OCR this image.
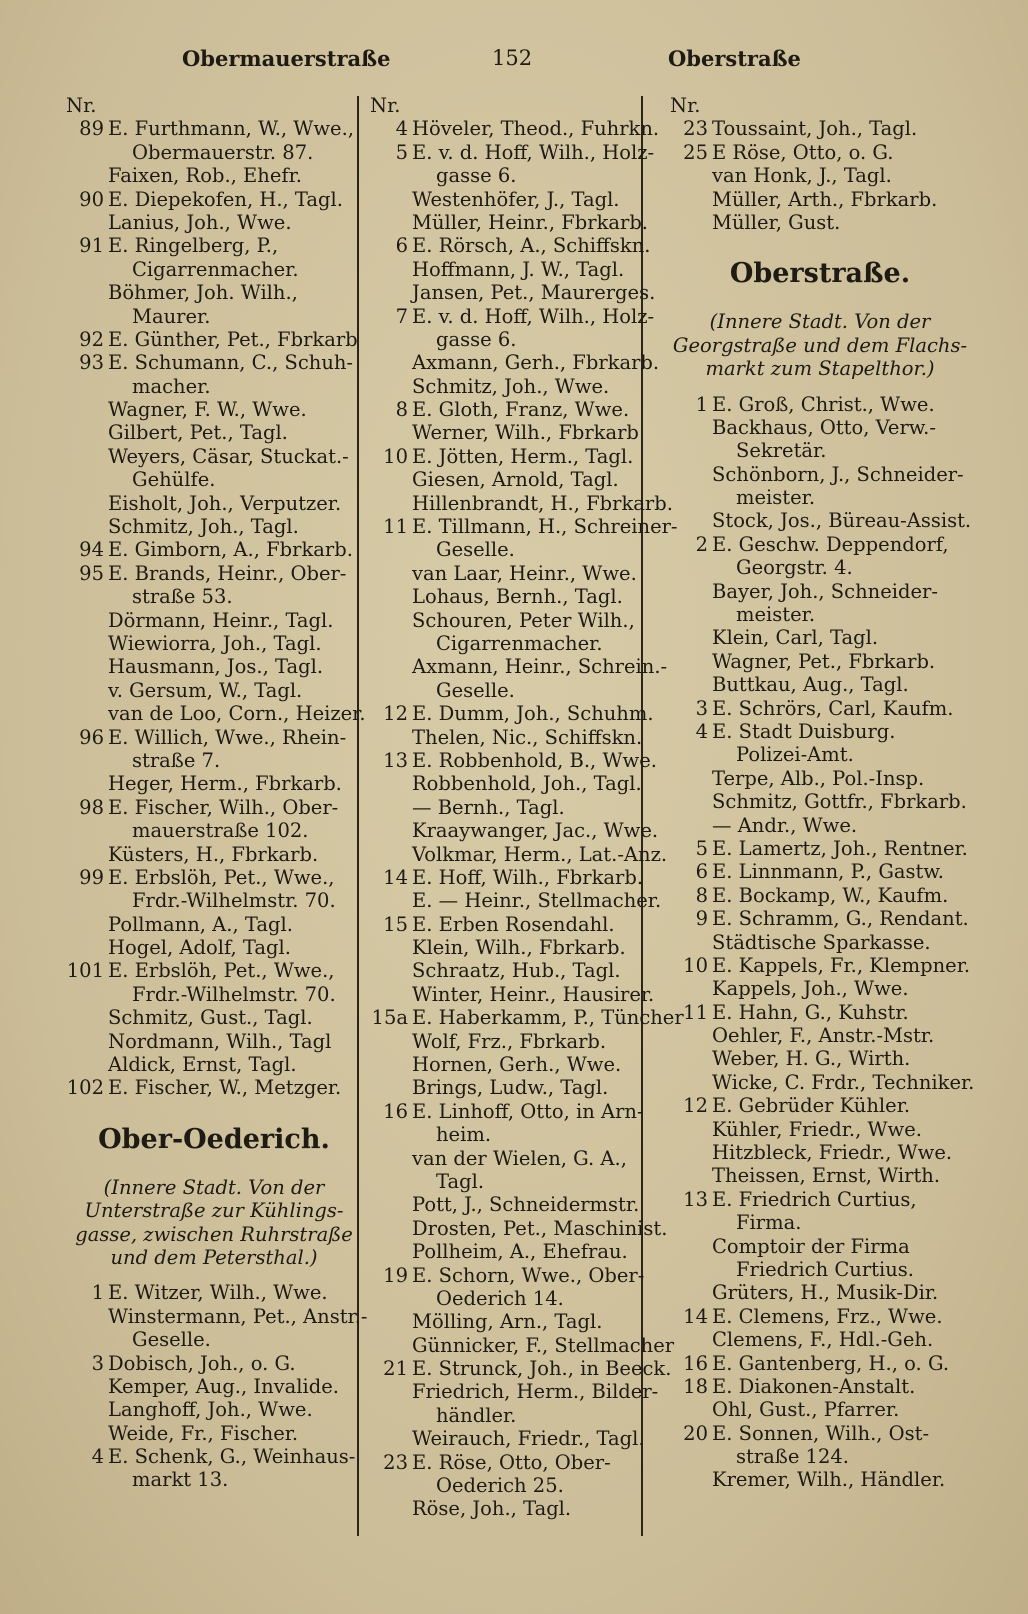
Obermauerstraße	152	Oberstraße
Nr.
89 E. Furthmann, W., Wwe.,
Obermauerstr. 87.
Faixen, Rob., Ehefr.
90 E. Diepekofen, H., Tagl.
Lanius, Joh., Wwe.
91 E. Ringelberg, P.,
Cigarrenmacher.
Böhmer, Joh. Wilh.,
Maurer.
92 E. Günther, Pet., Fbrkarb
93 E. Schumann, C., Schuh-
macher.
Wagner, F. W., Wwe.
Gilbert, Pet., Tagl.
Weyers, Cäsar, Stuckat.-
Gehülfe.
Eisholt, Joh., Verputzer.
Schmitz, Joh., Tagl.
94 E. Gimborn, A., Fbrkarb.
95 E. Brands, Heinr., Ober-
straße 53.
Dörmann, Heinr., Tagl.
Wiewiorra, Joh., Tagl.
Hausmann, Jos., Tagl.
v. Gersum, W., Tagl.
van de Loo, Corn., Heizer.
96 E. Willich, Wwe., Rhein-
straße 7.
Heger, Herm., Fbrkarb.
98 E. Fischer, Wilh., Ober-
mauerstraße 102.
Küsters, H., Fbrkarb.
99 E. Erbslöh, Pet., Wwe.,
Frdr.-Wilhelmstr. 70.
Pollmann, A., Tagl.
Hogel, Adolf, Tagl.
101 E. Erbslöh, Pet., Wwe.,
Frdr.-Wilhelmstr. 70.
Schmitz, Gust., Tagl.
Nordmann, Wilh., Tagl
Aldick, Ernst, Tagl.
102 E. Fischer, W., Metzger.
Ober-Oederich.
(Innere Stadt. Von der
Unterstraße zur Kühlings-
gasse, zwischen Ruhrstraße
und dem Petersthal.)
1 E. Witzer, Wilh., Wwe.
Winstermann, Pet., Anstr.-
Geselle.
3 Dobisch, Joh., o. G.
Kemper, Aug., Invalide.
Langhoff, Joh., Wwe.
Weide, Fr., Fischer.
4 E. Schenk, G., Weinhaus-
markt 13.
Nr.
4 Höveler, Theod., Fuhrkn.
5 E. v. d. Hoff, Wilh., Holz-
gasse 6.
Westenhöfer, J., Tagl.
Müller, Heinr., Fbrkarb.
6 E. Rörsch, A., Schiffskn.
Hoffmann, J. W., Tagl.
Jansen, Pet., Maurerges.
7 E. v. d. Hoff, Wilh., Holz-
gasse 6.
Axmann, Gerh., Fbrkarb.
Schmitz, Joh., Wwe.
8 E. Gloth, Franz, Wwe.
Werner, Wilh., Fbrkarb
10 E. Jötten, Herm., Tagl.
Giesen, Arnold, Tagl.
Hillenbrandt, H., Fbrkarb.
11 E. Tillmann, H., Schreiner-
Geselle.
van Laar, Heinr., Wwe.
Lohaus, Bernh., Tagl.
Schouren, Peter Wilh.,
Cigarrenmacher.
Axmann, Heinr., Schrein.-
Geselle.
12 E. Dumm, Joh., Schuhm.
Thelen, Nic., Schiffskn.
13 E. Robbenhold, B., Wwe.
Robbenhold, Joh., Tagl.
— Bernh., Tagl.
Kraaywanger, Jac., Wwe.
Volkmar, Herm., Lat.-Anz.
14 E. Hoff, Wilh., Fbrkarb.
E. — Heinr., Stellmacher.
15 E. Erben Rosendahl.
Klein, Wilh., Fbrkarb.
Schraatz, Hub., Tagl.
Winter, Heinr., Hausirer.
15a E. Haberkamm, P., Tüncher
Wolf, Frz., Fbrkarb.
Hornen, Gerh., Wwe.
Brings, Ludw., Tagl.
16 E. Linhoff, Otto, in Arn-
heim.
van der Wielen, G. A.,
Tagl.
Pott, J., Schneidermstr.
Drosten, Pet., Maschinist.
Pollheim, A., Ehefrau.
19 E. Schorn, Wwe., Ober-
Oederich 14.
Mölling, Arn., Tagl.
Günnicker, F., Stellmacher
21 E. Strunck, Joh., in Beeck.
Friedrich, Herm., Bilder-
händler.
Weirauch, Friedr., Tagl.
23 E. Röse, Otto, Ober-
Oederich 25.
Röse, Joh., Tagl.
Nr.
23 Toussaint, Joh., Tagl.
25 E Röse, Otto, o. G.
van Honk, J., Tagl.
Müller, Arth., Fbrkarb.
Müller, Gust.
Oberstraße.
(Innere Stadt. Von der
Georgstraße und dem Flachs-
markt zum Stapelthor.)
1 E. Groß, Christ., Wwe.
Backhaus, Otto, Verw.-
Sekretär.
Schönborn, J., Schneider-
meister.
Stock, Jos., Büreau-Assist.
2 E. Geschw. Deppendorf,
Georgstr. 4.
Bayer, Joh., Schneider-
meister.
Klein, Carl, Tagl.
Wagner, Pet., Fbrkarb.
Buttkau, Aug., Tagl.
3 E. Schrörs, Carl, Kaufm.
4 E. Stadt Duisburg.
Polizei-Amt.
Terpe, Alb., Pol.-Insp.
Schmitz, Gottfr., Fbrkarb.
— Andr., Wwe.
5 E. Lamertz, Joh., Rentner.
6 E. Linnmann, P., Gastw.
8 E. Bockamp, W., Kaufm.
9 E. Schramm, G., Rendant.
Städtische Sparkasse.
10 E. Kappels, Fr., Klempner.
Kappels, Joh., Wwe.
11 E. Hahn, G., Kuhstr.
Oehler, F., Anstr.-Mstr.
Weber, H. G., Wirth.
Wicke, C. Frdr., Techniker.
12 E. Gebrüder Kühler.
Kühler, Friedr., Wwe.
Hitzbleck, Friedr., Wwe.
Theissen, Ernst, Wirth.
13 E. Friedrich Curtius,
Firma.
Comptoir der Firma
Friedrich Curtius.
Grüters, H., Musik-Dir.
14 E. Clemens, Frz., Wwe.
Clemens, F., Hdl.-Geh.
16 E. Gantenberg, H., o. G.
18 E. Diakonen-Anstalt.
Ohl, Gust., Pfarrer.
20 E. Sonnen, Wilh., Ost-
straße 124.
Kremer, Wilh., Händler.
